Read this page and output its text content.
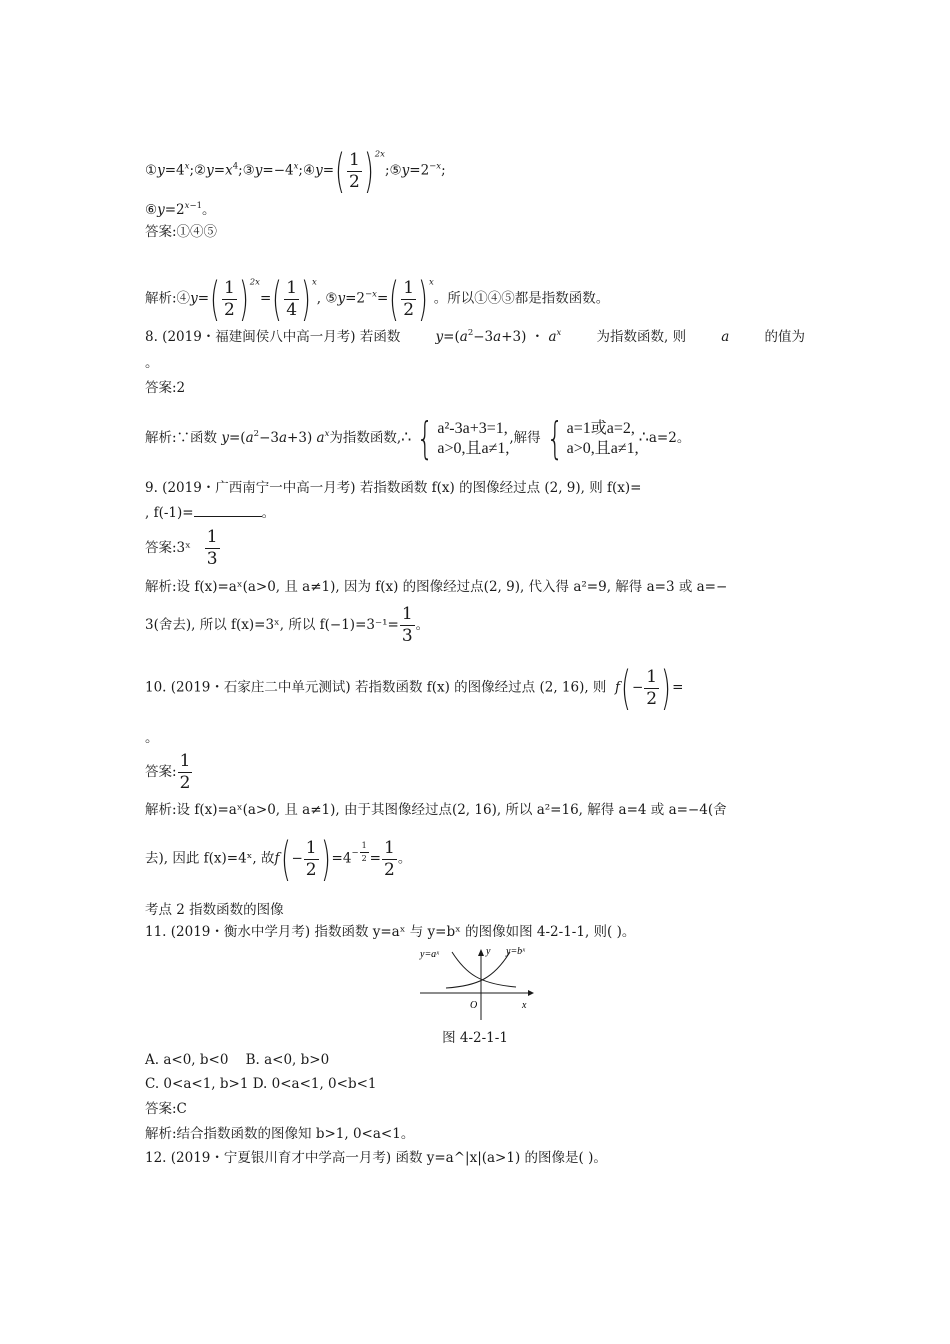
$①y=4^x;②y=x^4;③y=-4^x;④y=( \frac{1}{2}$ )$^{2x};⑤y=2^{-x}$;
$⑥y=2^{x-1}$。
答案:①④⑤
解析:④y=( $\frac{1}{2} )^{2x}=( \frac{1}{4} )^x$, $⑤y=2^{-x}=( \frac{1}{2} )^x$。所以①④⑤都是指数函数。
8. (2019・福建闽侯八中高一月考) 若函数	$y=(a^2-3a+3)$ ・ $a^x$	为指数函数, 则	a	的值为
。
答案:2
解析:∵函数 $y=(a^2-3a+3)$ $a^x$为指数函数,∴ { a²-3a+3=1,
a>0,且a≠1,
,解得 { a=1或a=2,
a>0,且a≠1,
∴a=2。
9. (2019・广西南宁一中高一月考) 若指数函数 f(x) 的图像经过点 (2, 9), 则 f(x)=
, f(-1)=	。
答案:3ˣ $\frac{1}{3}$
解析:设 f(x)=aˣ(a>0, 且 a≠1), 因为 f(x) 的图像经过点(2, 9), 代入得 a²=9, 解得 a=3 或 a=−
3(舍去), 所以 f(x)=3ˣ, 所以 $f(-1)=3^{-1}= \frac{1}{3}$ 。
10. (2019・石家庄二中单元测试) 若指数函数 f(x) 的图像经过点 (2, 16), 则 $f(- \frac{1}{2}$ )=
。
答案: $\frac{1}{2}$
解析:设 f(x)=aˣ(a>0, 且 a≠1), 由于其图像经过点(2, 16), 所以 a²=16, 解得 a=4 或 a=−4(舍
去), 因此 f(x)=4ˣ, 故$f(- \frac{1}{2} )=4^{- \frac{1}{2}} = \frac{1}{2}$ 。
考点 2 指数函数的图像
11. (2019・衡水中学月考) 指数函数 y=aˣ 与 y=bˣ 的图像如图 4-2-1-1, 则( )。
y=aˣ	y=bˣ
y
x
O
图 4-2-1-1
A. a<0, b<0 B. a<0, b>0
C. 0<a<1, b>1 D. 0<a<1, 0<b<1
答案:C
解析:结合指数函数的图像知 b>1, 0<a<1。
12. (2019・宁夏银川育才中学高一月考) 函数 y=a^|x|(a>1) 的图像是( )。
